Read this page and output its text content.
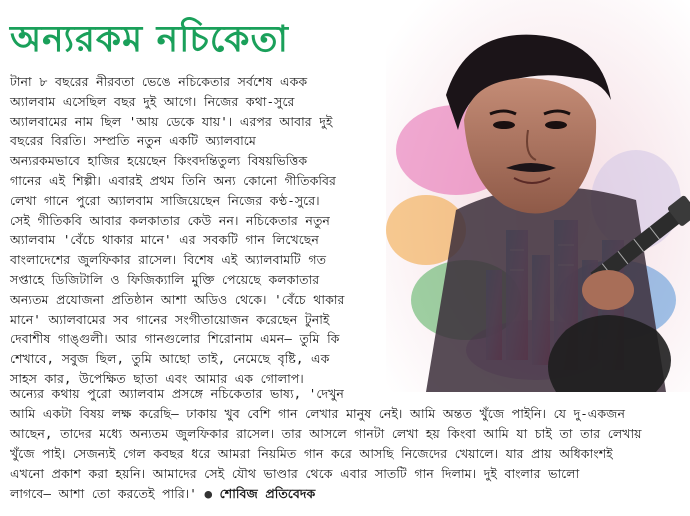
অন্যরকম নচিকেতা
টানা ৮ বছরের নীরবতা ভেঙে নচিকেতার সর্বশেষ একক
অ্যালবাম এসেছিল বছর দুই আগে। নিজের কথা-সুরে
অ্যালবামের নাম ছিল 'আয় ডেকে যায়'। এরপর আবার দুই
বছরের বিরতি। সম্প্রতি নতুন একটি অ্যালবামে
অন্যরকমভাবে হাজির হয়েছেন কিংবদন্তিতুল্য বিষয়ভিত্তিক
গানের এই শিল্পী। এবারই প্রথম তিনি অন্য কোনো গীতিকবির
লেখা গানে পুরো অ্যালবাম সাজিয়েছেন নিজের কণ্ঠ-সুরে।
সেই গীতিকবি আবার কলকাতার কেউ নন। নচিকেতার নতুন
অ্যালবাম 'বেঁচে থাকার মানে' এর সবকটি গান লিখেছেন
বাংলাদেশের জুলফিকার রাসেল। বিশেষ এই অ্যালবামটি গত
সপ্তাহে ডিজিটালি ও ফিজিক্যালি মুক্তি পেয়েছে কলকাতার
অন্যতম প্রযোজনা প্রতিষ্ঠান আশা অডিও থেকে। 'বেঁচে থাকার
মানে' অ্যালবামের সব গানের সংগীতায়োজন করেছেন টুনাই
দেবাশীষ গাঙ্গুলী। আর গানগুলোর শিরোনাম এমন— তুমি কি
শেখাবে, সবুজ ছিল, তুমি আছো তাই, নেমেছে বৃষ্টি, এক
সাহস কার, উপেক্ষিত ছাতা এবং আমার এক গোলাপ।
অন্যের কথায় পুরো অ্যালবাম প্রসঙ্গে নচিকেতার ভাষ্য, 'দেখুন
আমি একটা বিষয় লক্ষ করেছি— ঢাকায় খুব বেশি গান লেখার মানুষ নেই। আমি অন্তত খুঁজে পাইনি। যে দু-একজন
আছেন, তাদের মধ্যে অন্যতম জুলফিকার রাসেল। তার আসলে গানটা লেখা হয় কিংবা আমি যা চাই তা তার লেখায়
খুঁজে পাই। সেজন্যই গেল কবছর ধরে আমরা নিয়মিত গান করে আসছি নিজেদের খেয়ালে। যার প্রায় অধিকাংশই
এখনো প্রকাশ করা হয়নি। আমাদের সেই যৌথ ভাণ্ডার থেকে এবার সাতটি গান দিলাম। দুই বাংলার ভালো
লাগবে— আশা তো করতেই পারি।' ● শোবিজ প্রতিবেদক
